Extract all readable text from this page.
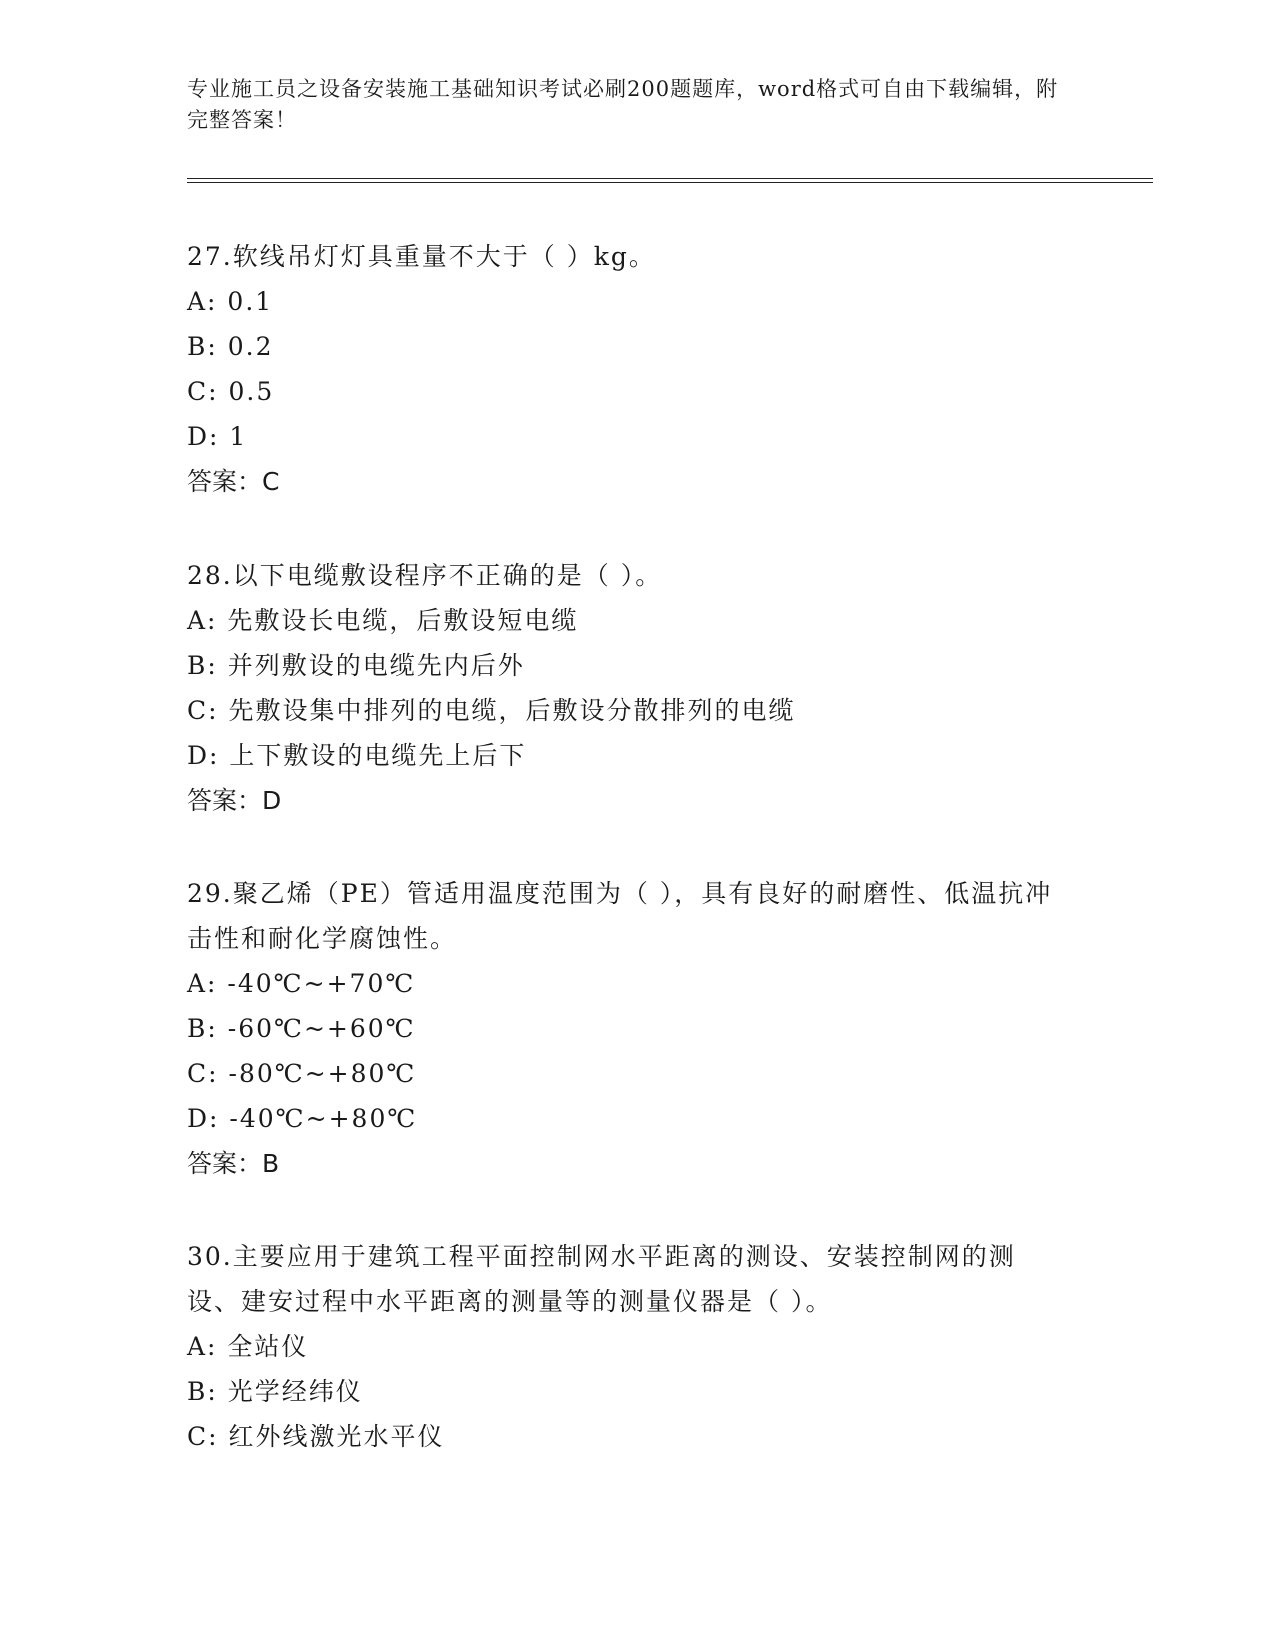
专业施工员之设备安装施工基础知识考试必刷200题题库，word格式可自由下载编辑，附完整答案！

27.软线吊灯灯具重量不大于（ ）kg。

A: 0.1

B: 0.2

C: 0.5

D: 1

答案：C

28.以下电缆敷设程序不正确的是（ ）。

A: 先敷设长电缆，后敷设短电缆

B: 并列敷设的电缆先内后外

C: 先敷设集中排列的电缆，后敷设分散排列的电缆

D: 上下敷设的电缆先上后下

答案：D

29.聚乙烯（PE）管适用温度范围为（ ），具有良好的耐磨性、低温抗冲击性和耐化学腐蚀性。

A: -40℃~+70℃

B: -60℃~+60℃

C: -80℃~+80℃

D: -40℃~+80℃

答案：B

30.主要应用于建筑工程平面控制网水平距离的测设、安装控制网的测设、建安过程中水平距离的测量等的测量仪器是（ ）。

A: 全站仪

B: 光学经纬仪

C: 红外线激光水平仪
